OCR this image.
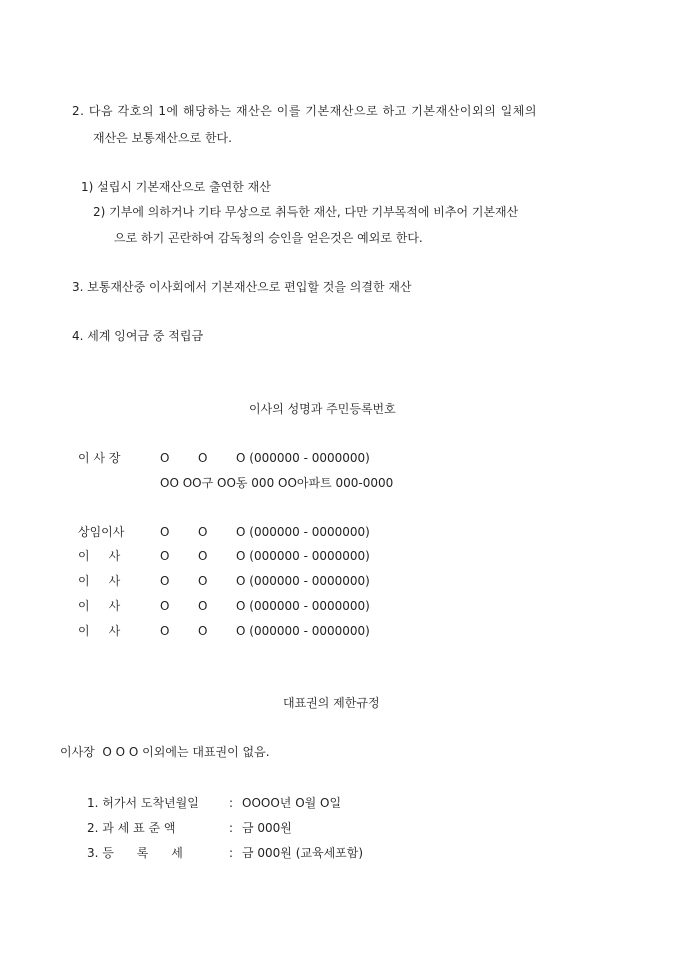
2. 다음 각호의 1에 해당하는 재산은 이를 기본재산으로 하고 기본재산이외의 일체의
재산은 보통재산으로 한다.
1) 설립시 기본재산으로 출연한 재산
2) 기부에 의하거나 기타 무상으로 취득한 재산, 다만 기부목적에 비추어 기본재산
으로 하기 곤란하여 감독청의 승인을 얻은것은 예외로 한다.
3. 보통재산중 이사회에서 기본재산으로 편입할 것을 의결한 재산
4. 세계 잉여금 중 적립금
이사의 성명과 주민등록번호
이 사 장	O O O (000000 - 0000000)
OO OO구 OO동 000 OO아파트 000-0000
상임이사	O O O (000000 - 0000000)
이     사	O O O (000000 - 0000000)
이     사	O O O (000000 - 0000000)
이     사	O O O (000000 - 0000000)
이     사	O O O (000000 - 0000000)
대표권의 제한규정
이사장  O O O 이외에는 대표권이 없음.
1. 허가서 도착년월일	: OOOO년 O월 O일
2. 과 세 표 준 액	: 금 000원
3. 등      록      세	: 금 000원 (교육세포함)
